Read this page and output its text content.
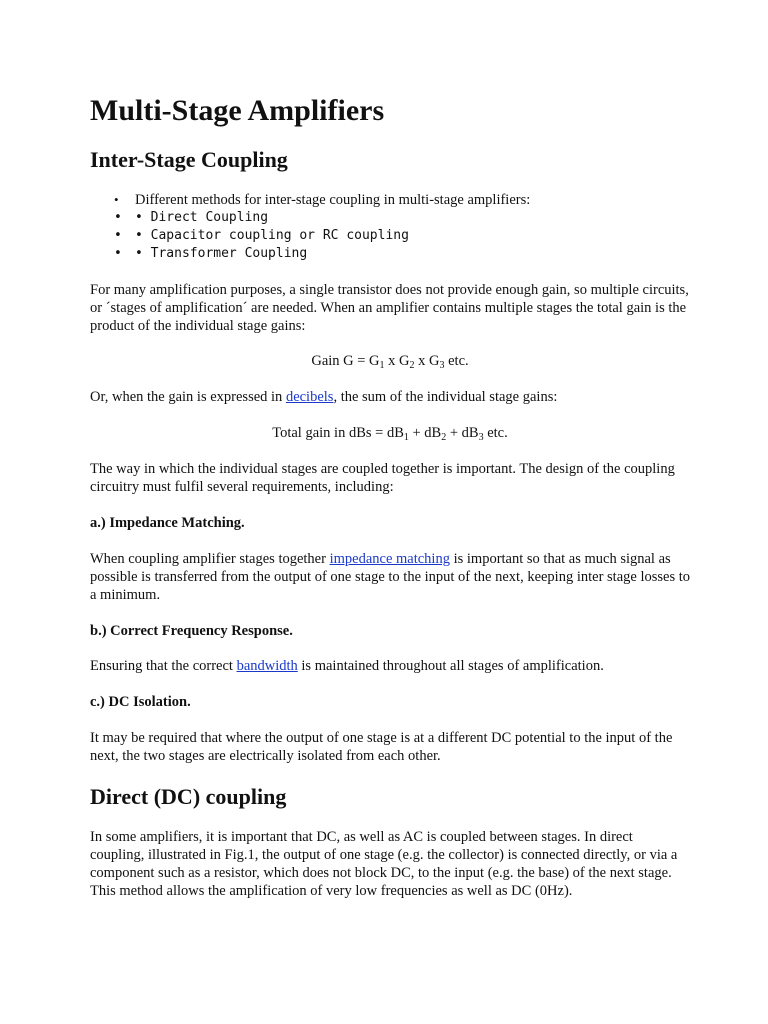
Multi-Stage Amplifiers
Inter-Stage Coupling
• Different methods for inter-stage coupling in multi-stage amplifiers:
• • Direct Coupling
• • Capacitor coupling or RC coupling
• • Transformer Coupling

For many amplification purposes, a single transistor does not provide enough gain, so multiple circuits, or ´stages of amplification´ are needed. When an amplifier contains multiple stages the total gain is the product of the individual stage gains:

Gain $G = G_1$ x $G_2$ x $G_3$ etc.

Or, when the gain is expressed in decibels, the sum of the individual stage gains:

Total gain in dBs = $dB_1 + dB_2 + dB_3$ etc.

The way in which the individual stages are coupled together is important. The design of the coupling circuitry must fulfil several requirements, including:

a.) Impedance Matching.

When coupling amplifier stages together impedance matching is important so that as much signal as possible is transferred from the output of one stage to the input of the next, keeping inter stage losses to a minimum.

b.) Correct Frequency Response.

Ensuring that the correct bandwidth is maintained throughout all stages of amplification.

c.) DC Isolation.

It may be required that where the output of one stage is at a different DC potential to the input of the next, the two stages are electrically isolated from each other.

Direct (DC) coupling

In some amplifiers, it is important that DC, as well as AC is coupled between stages. In direct coupling, illustrated in Fig.1, the output of one stage (e.g. the collector) is connected directly, or via a component such as a resistor, which does not block DC, to the input (e.g. the base) of the next stage. This method allows the amplification of very low frequencies as well as DC (0Hz).
